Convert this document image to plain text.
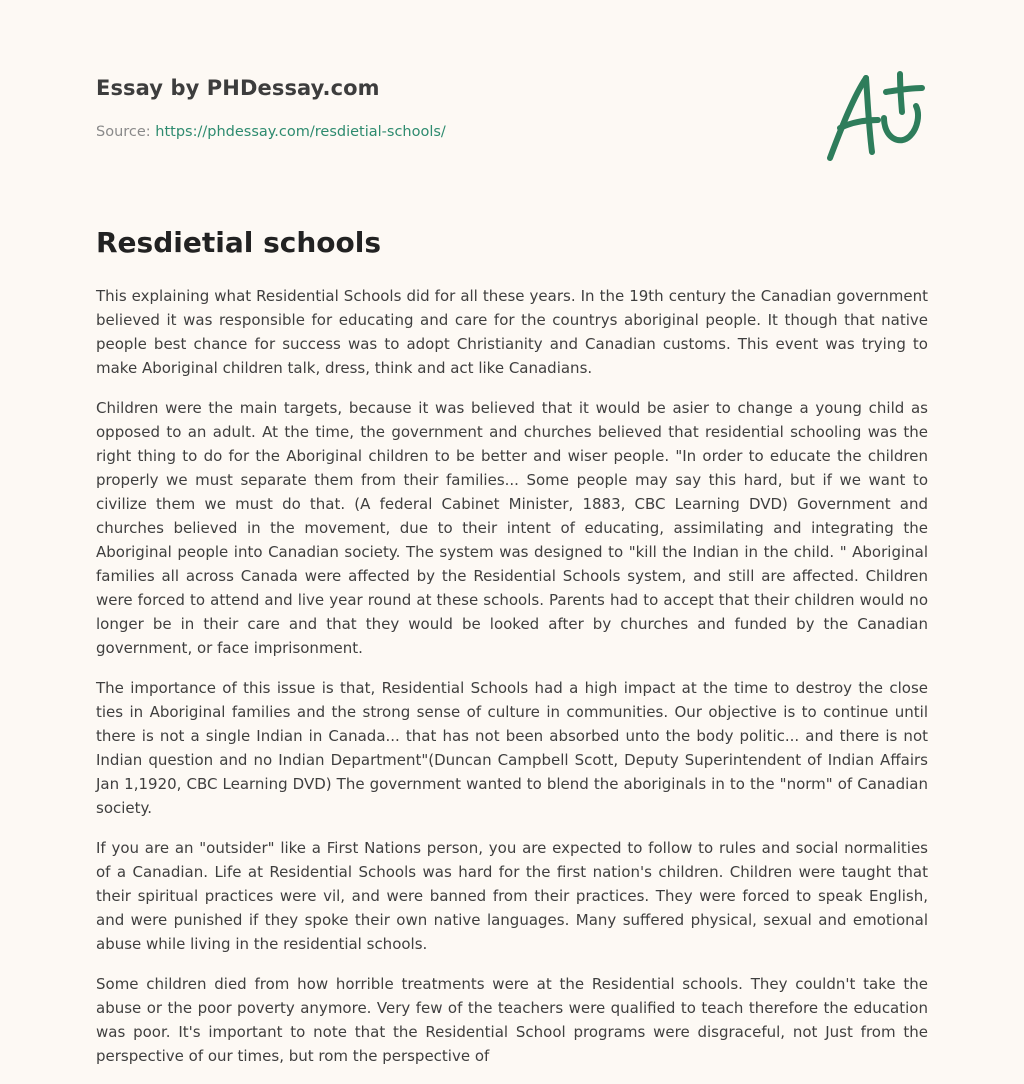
Essay by PHDessay.com
Source: https://phdessay.com/resdietial-schools/
Resdietial schools

This explaining what Residential Schools did for all these years. In the 19th century the Canadian government believed it was responsible for educating and care for the countrys aboriginal people. It though that native people best chance for success was to adopt Christianity and Canadian customs. This event was trying to make Aboriginal children talk, dress, think and act like Canadians.

Children were the main targets, because it was believed that it would be asier to change a young child as opposed to an adult. At the time, the government and churches believed that residential schooling was the right thing to do for the Aboriginal children to be better and wiser people. "In order to educate the children properly we must separate them from their families... Some people may say this hard, but if we want to civilize them we must do that. (A federal Cabinet Minister, 1883, CBC Learning DVD) Government and churches believed in the movement, due to their intent of educating, assimilating and integrating the Aboriginal people into Canadian society. The system was designed to "kill the Indian in the child. " Aboriginal families all across Canada were affected by the Residential Schools system, and still are affected. Children were forced to attend and live year round at these schools. Parents had to accept that their children would no longer be in their care and that they would be looked after by churches and funded by the Canadian government, or face imprisonment.

The importance of this issue is that, Residential Schools had a high impact at the time to destroy the close ties in Aboriginal families and the strong sense of culture in communities. Our objective is to continue until there is not a single Indian in Canada... that has not been absorbed unto the body politic... and there is not Indian question and no Indian Department"(Duncan Campbell Scott, Deputy Superintendent of Indian Affairs Jan 1,1920, CBC Learning DVD) The government wanted to blend the aboriginals in to the "norm" of Canadian society.

If you are an "outsider" like a First Nations person, you are expected to follow to rules and social normalities of a Canadian. Life at Residential Schools was hard for the first nation's children. Children were taught that their spiritual practices were vil, and were banned from their practices. They were forced to speak English, and were punished if they spoke their own native languages. Many suffered physical, sexual and emotional abuse while living in the residential schools.

Some children died from how horrible treatments were at the Residential schools. They couldn't take the abuse or the poor poverty anymore. Very few of the teachers were qualified to teach therefore the education was poor. It's important to note that the Residential School programs were disgraceful, not Just from the perspective of our times, but rom the perspective of
